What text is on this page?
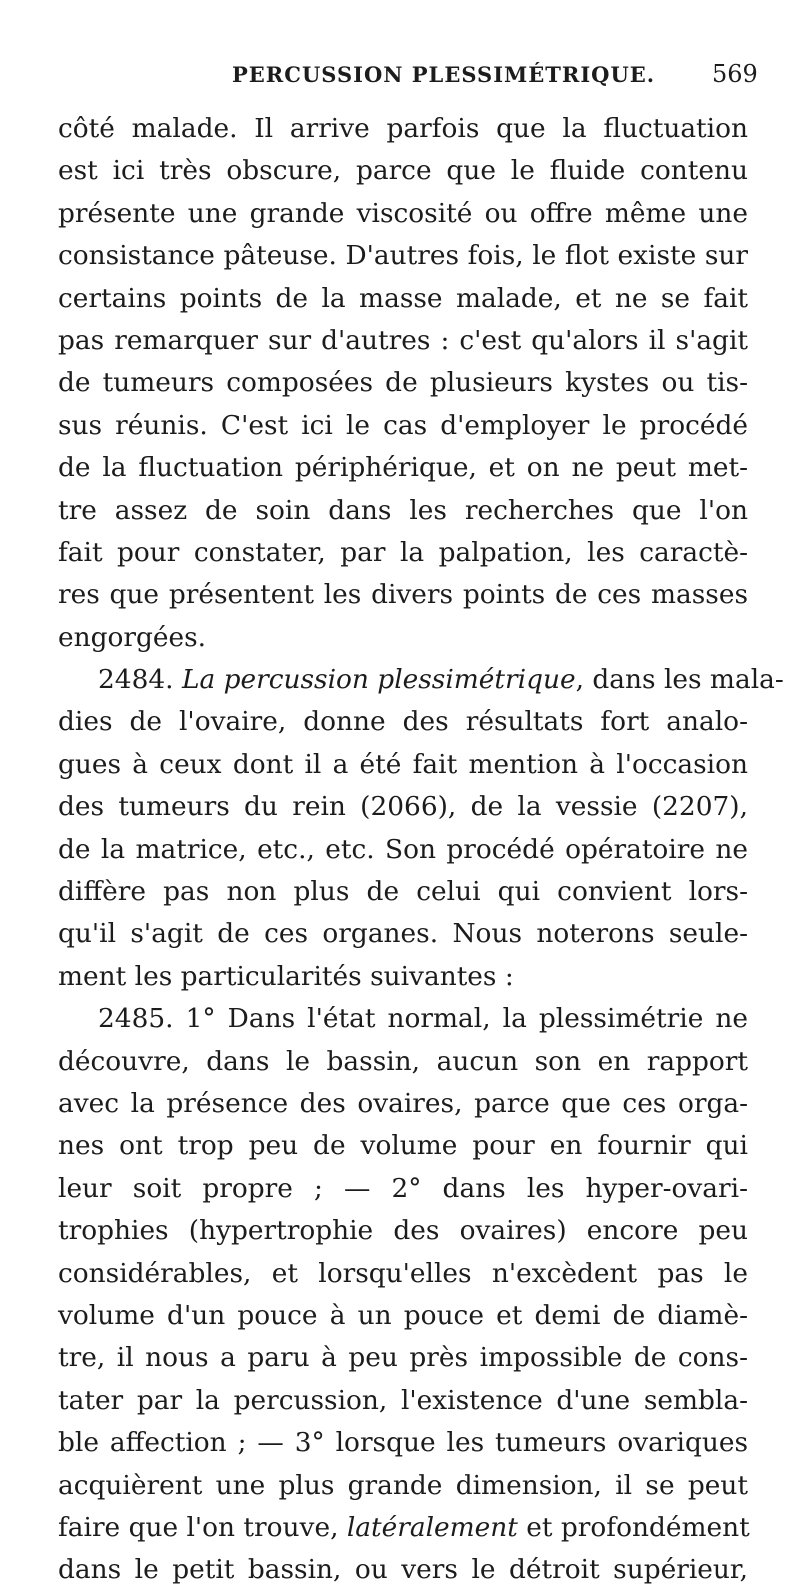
PERCUSSION PLESSIMÉTRIQUE. 569
côté malade. Il arrive parfois que la fluctuation
est ici très obscure, parce que le fluide contenu
présente une grande viscosité ou offre même une
consistance pâteuse. D'autres fois, le flot existe sur
certains points de la masse malade, et ne se fait
pas remarquer sur d'autres : c'est qu'alors il s'agit
de tumeurs composées de plusieurs kystes ou tis-
sus réunis. C'est ici le cas d'employer le procédé
de la fluctuation périphérique, et on ne peut met-
tre assez de soin dans les recherches que l'on
fait pour constater, par la palpation, les caractè-
res que présentent les divers points de ces masses
engorgées.
2484. La percussion plessimétrique, dans les mala-
dies de l'ovaire, donne des résultats fort analo-
gues à ceux dont il a été fait mention à l'occasion
des tumeurs du rein (2066), de la vessie (2207),
de la matrice, etc., etc. Son procédé opératoire ne
diffère pas non plus de celui qui convient lors-
qu'il s'agit de ces organes. Nous noterons seule-
ment les particularités suivantes :
2485. 1° Dans l'état normal, la plessimétrie ne
découvre, dans le bassin, aucun son en rapport
avec la présence des ovaires, parce que ces orga-
nes ont trop peu de volume pour en fournir qui
leur soit propre ; — 2° dans les hyper-ovari-
trophies (hypertrophie des ovaires) encore peu
considérables, et lorsqu'elles n'excèdent pas le
volume d'un pouce à un pouce et demi de diamè-
tre, il nous a paru à peu près impossible de cons-
tater par la percussion, l'existence d'une sembla-
ble affection ; — 3° lorsque les tumeurs ovariques
acquièrent une plus grande dimension, il se peut
faire que l'on trouve, latéralement et profondément
dans le petit bassin, ou vers le détroit supérieur,
